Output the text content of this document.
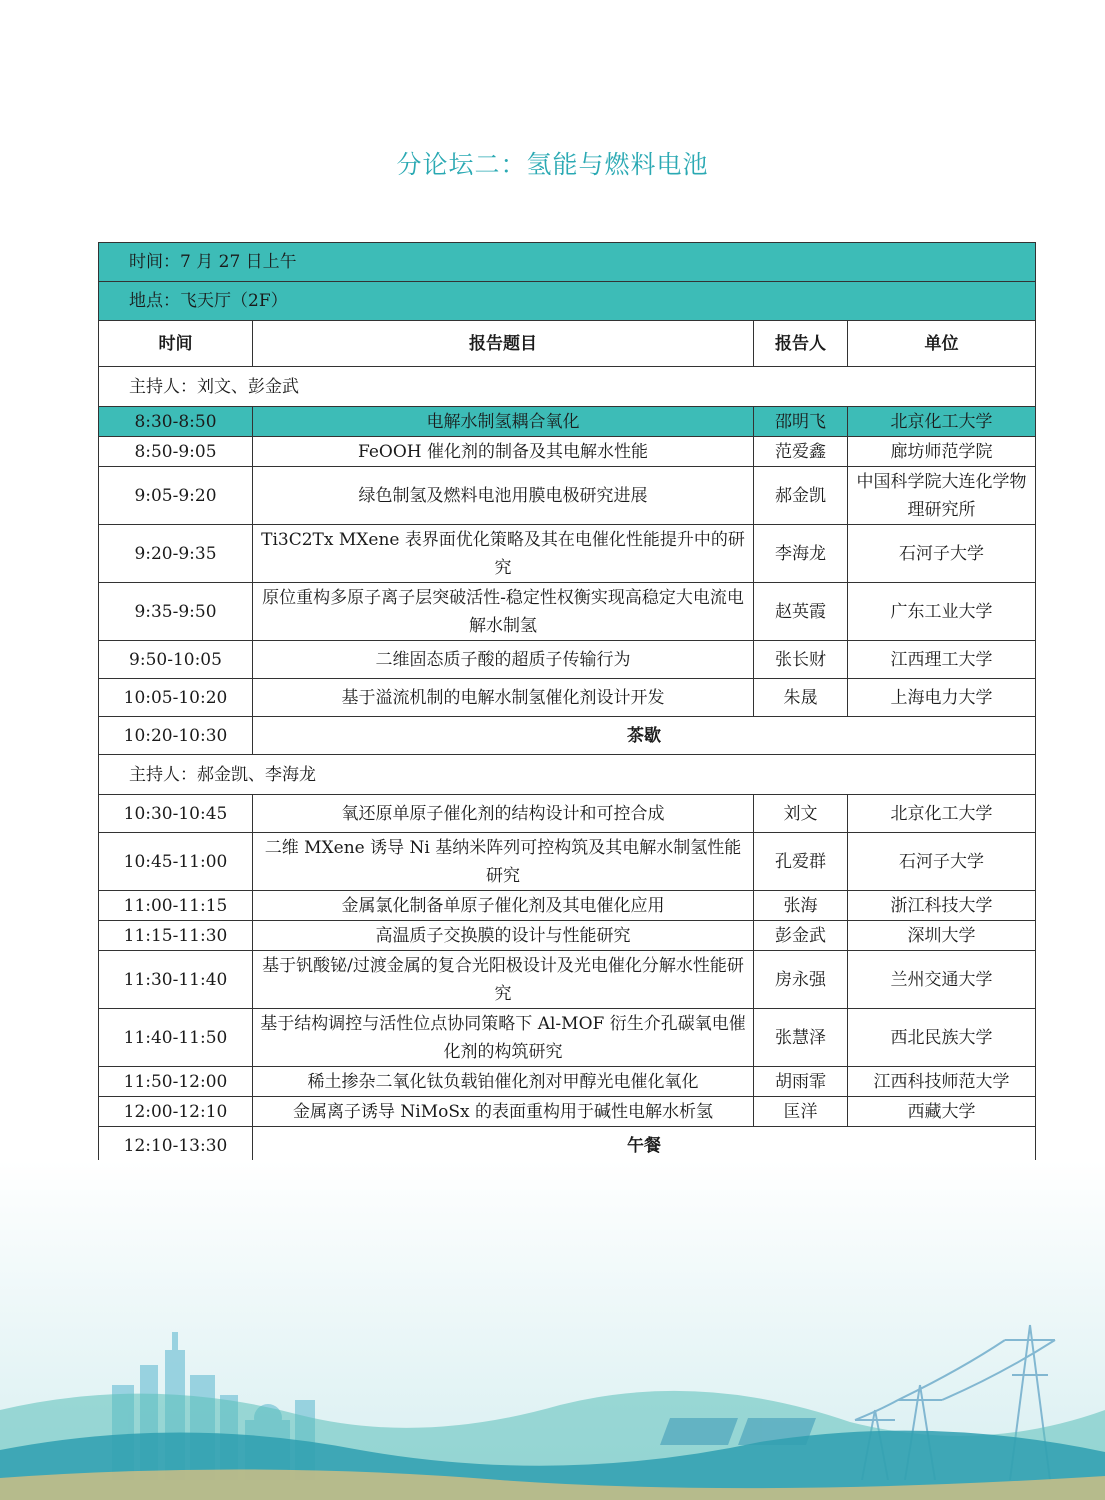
分论坛二：氢能与燃料电池
时间：7 月 27 日上午			
地点：飞天厅（2F）			
时间	报告题目	报告人	单位
主持人：刘文、彭金武			
8:30-8:50	电解水制氢耦合氧化	邵明飞	北京化工大学
8:50-9:05	FeOOH 催化剂的制备及其电解水性能	范爱鑫	廊坊师范学院
9:05-9:20	绿色制氢及燃料电池用膜电极研究进展	郝金凯	中国科学院大连化学物理研究所
9:20-9:35	Ti3C2Tx MXene 表界面优化策略及其在电催化性能提升中的研究	李海龙	石河子大学
9:35-9:50	原位重构多原子离子层突破活性-稳定性权衡实现高稳定大电流电解水制氢	赵英霞	广东工业大学
9:50-10:05	二维固态质子酸的超质子传输行为	张长财	江西理工大学
10:05-10:20	基于溢流机制的电解水制氢催化剂设计开发	朱晟	上海电力大学
10:20-10:30	茶歇		
主持人：郝金凯、李海龙			
10:30-10:45	氧还原单原子催化剂的结构设计和可控合成	刘文	北京化工大学
10:45-11:00	二维 MXene 诱导 Ni 基纳米阵列可控构筑及其电解水制氢性能研究	孔爱群	石河子大学
11:00-11:15	金属氯化制备单原子催化剂及其电催化应用	张海	浙江科技大学
11:15-11:30	高温质子交换膜的设计与性能研究	彭金武	深圳大学
11:30-11:40	基于钒酸铋/过渡金属的复合光阳极设计及光电催化分解水性能研究	房永强	兰州交通大学
11:40-11:50	基于结构调控与活性位点协同策略下 Al-MOF 衍生介孔碳氧电催化剂的构筑研究	张慧泽	西北民族大学
11:50-12:00	稀土掺杂二氧化钛负载铂催化剂对甲醇光电催化氧化	胡雨霏	江西科技师范大学
12:00-12:10	金属离子诱导 NiMoSx 的表面重构用于碱性电解水析氢	匡洋	西藏大学
12:10-13:30	午餐		
